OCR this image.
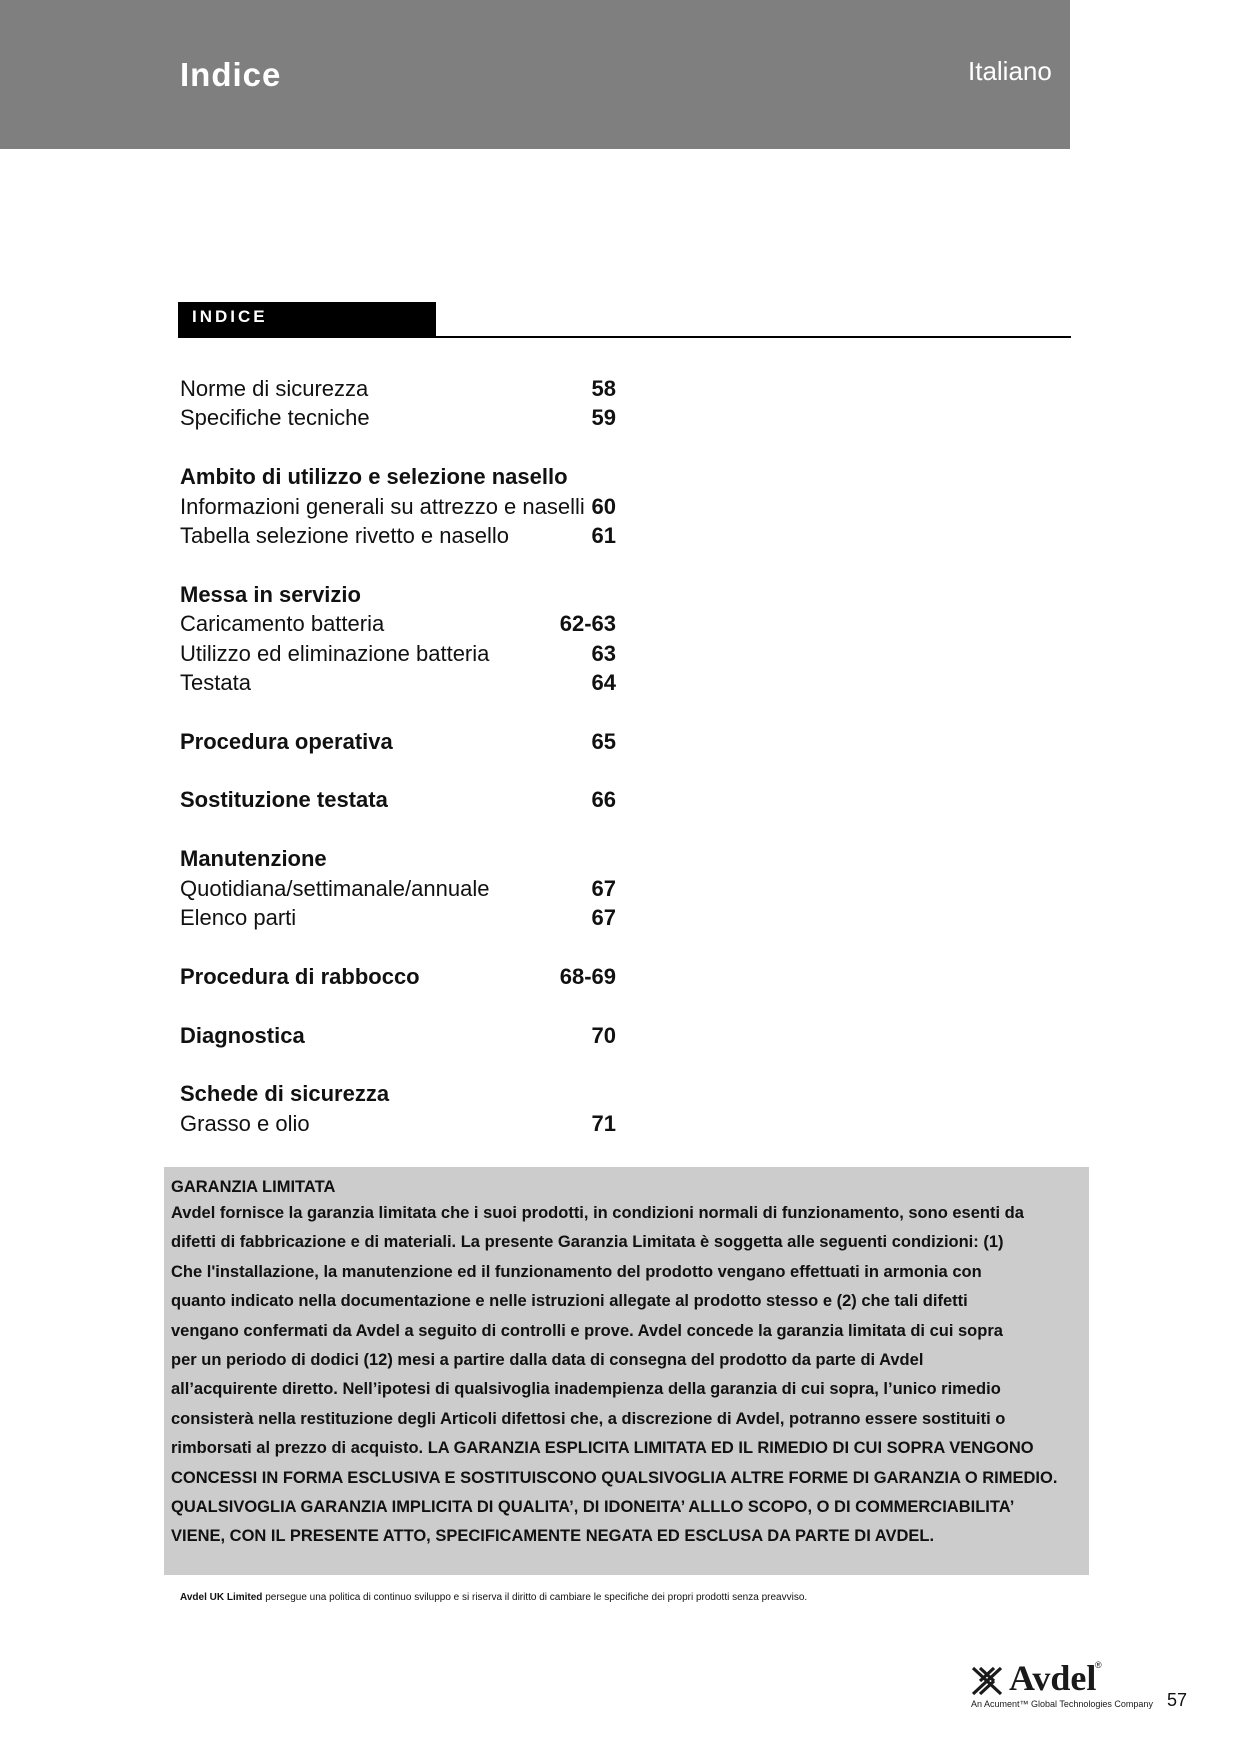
Indice	Italiano
INDICE
Norme di sicurezza	58
Specifiche tecniche	59
Ambito di utilizzo e selezione nasello
Informazioni generali su attrezzo e naselli 60
Tabella selezione rivetto e nasello	61
Messa in servizio
Caricamento batteria	62-63
Utilizzo ed eliminazione batteria	63
Testata	64
Procedura operativa	65
Sostituzione testata	66
Manutenzione
Quotidiana/settimanale/annuale	67
Elenco parti	67
Procedura di rabbocco	68-69
Diagnostica	70
Schede di sicurezza
Grasso e olio	71
GARANZIA LIMITATA
Avdel fornisce la garanzia limitata che i suoi prodotti, in condizioni normali di funzionamento, sono esenti da
difetti di fabbricazione e di materiali. La presente Garanzia Limitata è soggetta alle seguenti condizioni: (1)
Che l'installazione, la manutenzione ed il funzionamento del prodotto vengano effettuati in armonia con
quanto indicato nella documentazione e nelle istruzioni allegate al prodotto stesso e (2) che tali difetti
vengano confermati da Avdel a seguito di controlli e prove. Avdel concede la garanzia limitata di cui sopra
per un periodo di dodici (12) mesi a partire dalla data di consegna del prodotto da parte di Avdel
all’acquirente diretto. Nell’ipotesi di qualsivoglia inadempienza della garanzia di cui sopra, l’unico rimedio
consisterà nella restituzione degli Articoli difettosi che, a discrezione di Avdel, potranno essere sostituiti o
rimborsati al prezzo di acquisto. LA GARANZIA ESPLICITA LIMITATA ED IL RIMEDIO DI CUI SOPRA VENGONO
CONCESSI IN FORMA ESCLUSIVA E SOSTITUISCONO QUALSIVOGLIA ALTRE FORME DI GARANZIA O RIMEDIO.
QUALSIVOGLIA GARANZIA IMPLICITA DI QUALITA’, DI IDONEITA’ ALLLO SCOPO, O DI COMMERCIABILITA’
VIENE, CON IL PRESENTE ATTO, SPECIFICAMENTE NEGATA ED ESCLUSA DA PARTE DI AVDEL.
Avdel UK Limited persegue una politica di continuo sviluppo e si riserva il diritto di cambiare le specifiche dei propri prodotti senza preavviso.
Avdel
®
An Acument™ Global Technologies Company 57
